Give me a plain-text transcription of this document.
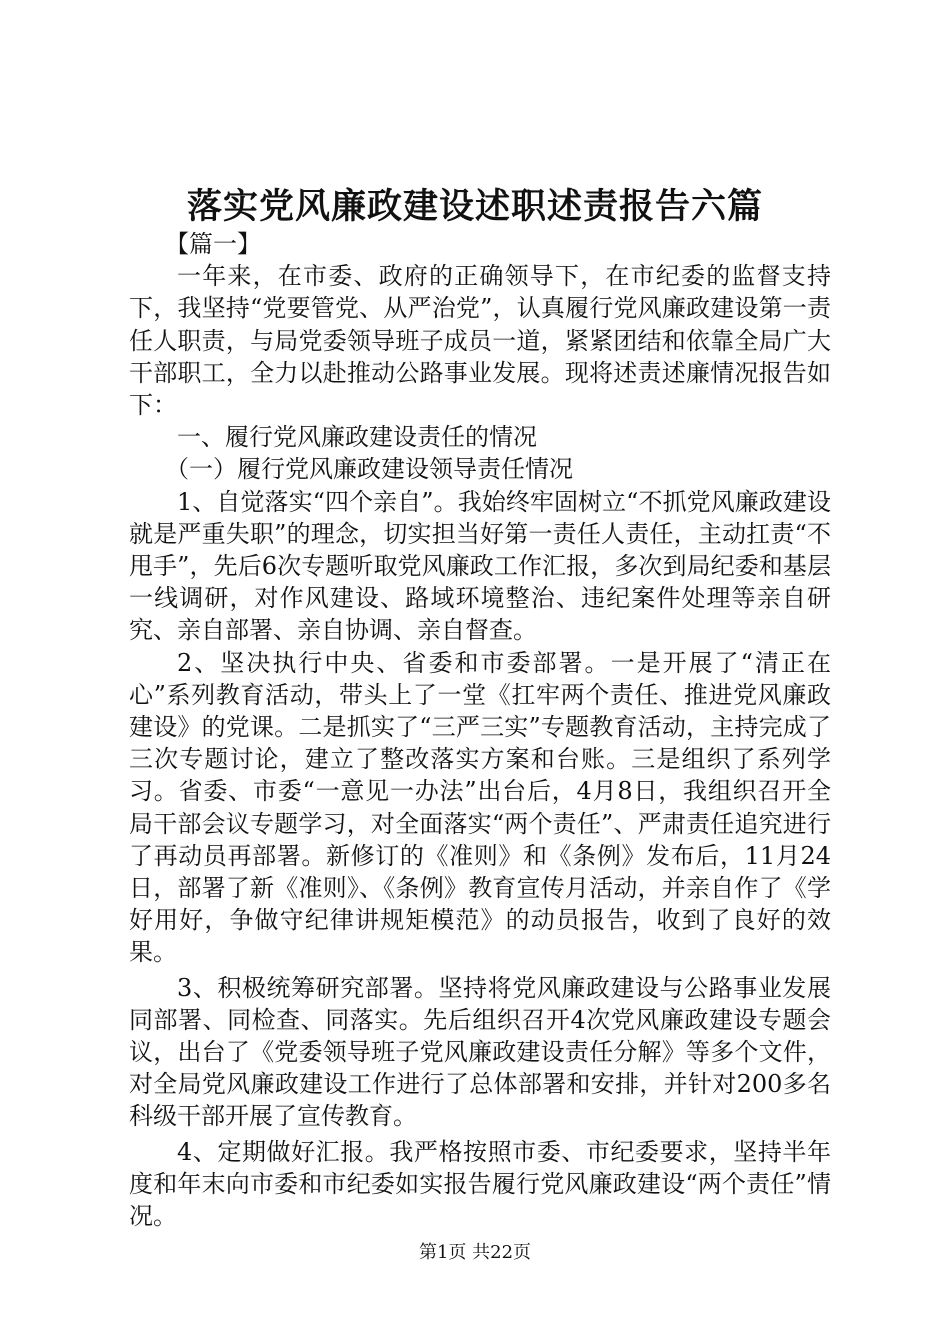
落实党风廉政建设述职述责报告六篇

【篇一】

一年来，在市委、政府的正确领导下，在市纪委的监督支持下，我坚持“党要管党、从严治党”，认真履行党风廉政建设第一责任人职责，与局党委领导班子成员一道，紧紧团结和依靠全局广大干部职工，全力以赴推动公路事业发展。现将述责述廉情况报告如下：

一、履行党风廉政建设责任的情况

（一）履行党风廉政建设领导责任情况

1、自觉落实“四个亲自”。我始终牢固树立“不抓党风廉政建设就是严重失职”的理念，切实担当好第一责任人责任，主动扛责“不甩手”，先后6次专题听取党风廉政工作汇报，多次到局纪委和基层一线调研，对作风建设、路域环境整治、违纪案件处理等亲自研究、亲自部署、亲自协调、亲自督查。

2、坚决执行中央、省委和市委部署。一是开展了“清正在心”系列教育活动，带头上了一堂《扛牢两个责任、推进党风廉政建设》的党课。二是抓实了“三严三实”专题教育活动，主持完成了三次专题讨论，建立了整改落实方案和台账。三是组织了系列学习。省委、市委“一意见一办法”出台后，4月8日，我组织召开全局干部会议专题学习，对全面落实“两个责任”、严肃责任追究进行了再动员再部署。新修订的《准则》和《条例》发布后，11月24日，部署了新《准则》、《条例》教育宣传月活动，并亲自作了《学好用好，争做守纪律讲规矩模范》的动员报告，收到了良好的效果。

3、积极统筹研究部署。坚持将党风廉政建设与公路事业发展同部署、同检查、同落实。先后组织召开4次党风廉政建设专题会议，出台了《党委领导班子党风廉政建设责任分解》等多个文件，对全局党风廉政建设工作进行了总体部署和安排，并针对200多名科级干部开展了宣传教育。

4、定期做好汇报。我严格按照市委、市纪委要求，坚持半年度和年末向市委和市纪委如实报告履行党风廉政建设“两个责任”情况。

第1页 共22页
